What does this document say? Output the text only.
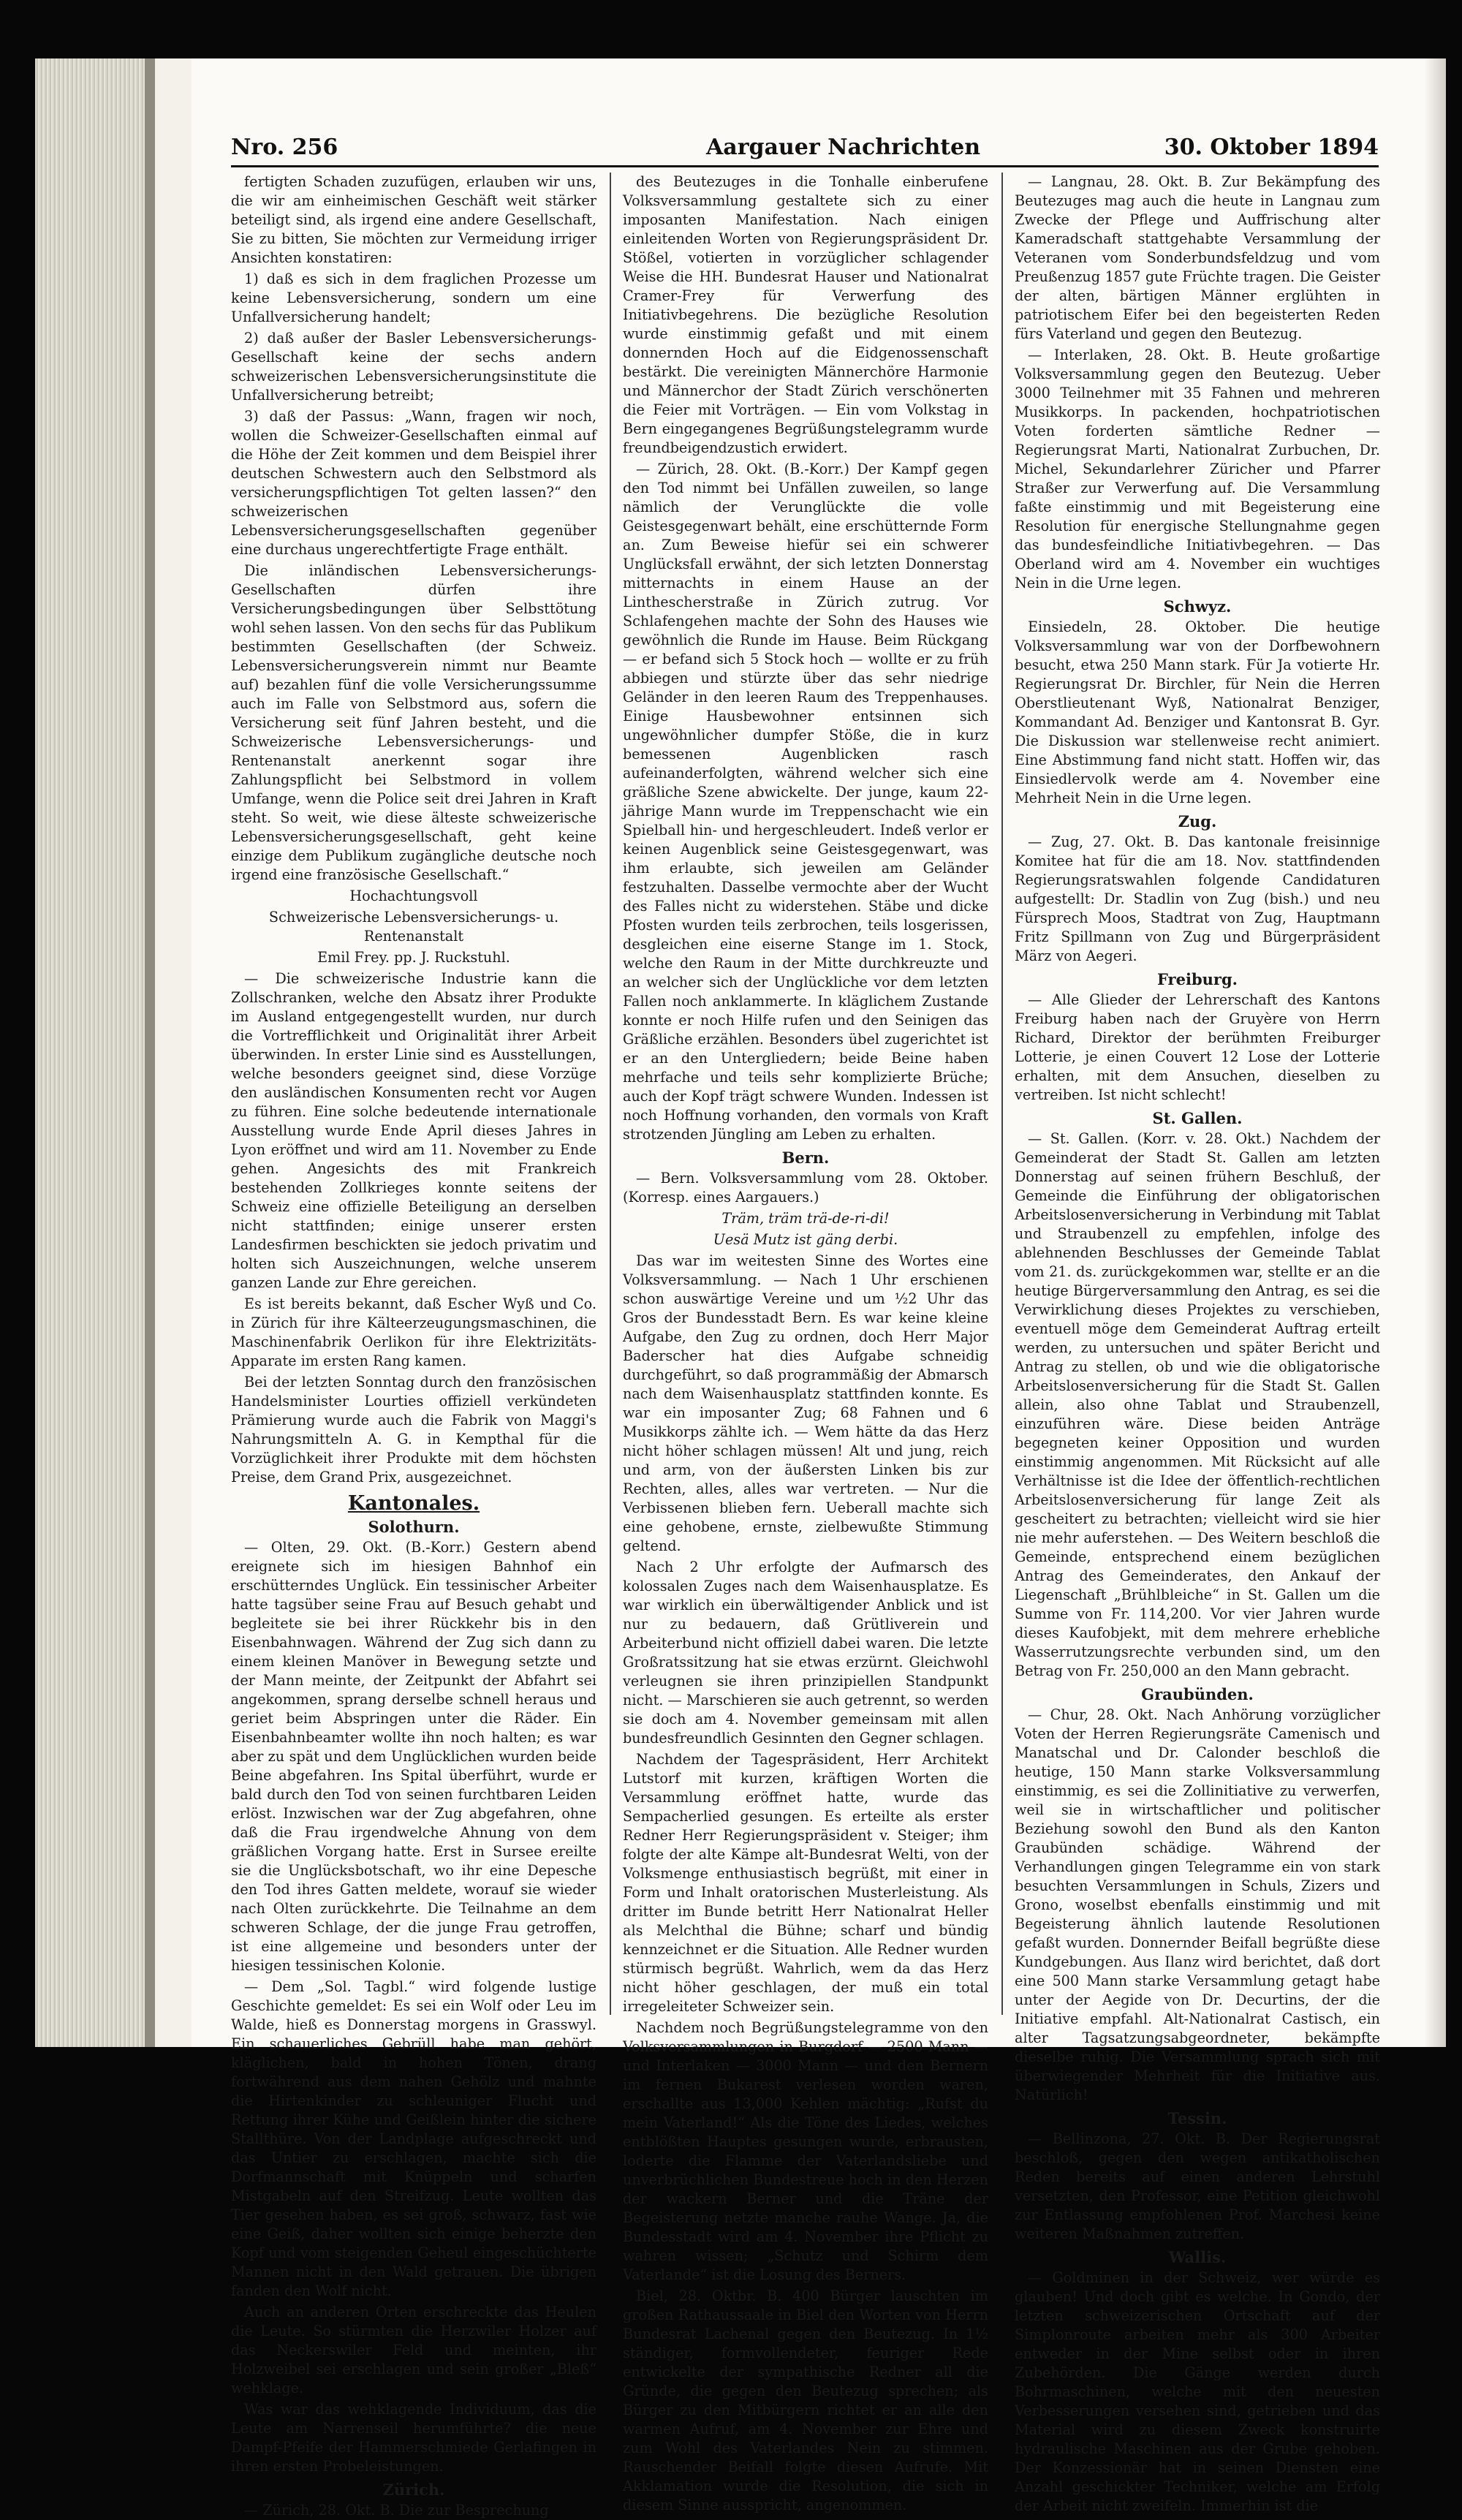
Nro. 256	Aargauer Nachrichten	30. Oktober 1894

fertigten Schaden zuzufügen, erlauben wir uns, die wir am einheimischen Geschäft weit stärker beteiligt sind, als irgend eine andere Gesellschaft, Sie zu bitten, Sie möchten zur Vermeidung irriger Ansichten konstatiren:

1) daß es sich in dem fraglichen Prozesse um keine Lebensversicherung, sondern um eine Unfallversicherung handelt;

2) daß außer der Basler Lebensversicherungs-Gesellschaft keine der sechs andern schweizerischen Lebensversicherungsinstitute die Unfallversicherung betreibt;

3) daß der Passus: „Wann, fragen wir noch, wollen die Schweizer-Gesellschaften einmal auf die Höhe der Zeit kommen und dem Beispiel ihrer deutschen Schwestern auch den Selbstmord als versicherungspflichtigen Tot gelten lassen?“ den schweizerischen Lebensversicherungsgesellschaften gegenüber eine durchaus ungerechtfertigte Frage enthält.

Die inländischen Lebensversicherungs-Gesellschaften dürfen ihre Versicherungsbedingungen über Selbsttötung wohl sehen lassen. Von den sechs für das Publikum bestimmten Gesellschaften (der Schweiz. Lebensversicherungsverein nimmt nur Beamte auf) bezahlen fünf die volle Versicherungssumme auch im Falle von Selbstmord aus, sofern die Versicherung seit fünf Jahren besteht, und die Schweizerische Lebensversicherungs- und Rentenanstalt anerkennt sogar ihre Zahlungspflicht bei Selbstmord in vollem Umfange, wenn die Police seit drei Jahren in Kraft steht. So weit, wie diese älteste schweizerische Lebensversicherungsgesellschaft, geht keine einzige dem Publikum zugängliche deutsche noch irgend eine französische Gesellschaft.“

Hochachtungsvoll

Schweizerische Lebensversicherungs- u. Rentenanstalt

Emil Frey. pp. J. Ruckstuhl.

— Die schweizerische Industrie kann die Zollschranken, welche den Absatz ihrer Produkte im Ausland entgegengestellt wurden, nur durch die Vortrefflichkeit und Originalität ihrer Arbeit überwinden. In erster Linie sind es Ausstellungen, welche besonders geeignet sind, diese Vorzüge den ausländischen Konsumenten recht vor Augen zu führen. Eine solche bedeutende internationale Ausstellung wurde Ende April dieses Jahres in Lyon eröffnet und wird am 11. November zu Ende gehen. Angesichts des mit Frankreich bestehenden Zollkrieges konnte seitens der Schweiz eine offizielle Beteiligung an derselben nicht stattfinden; einige unserer ersten Landesfirmen beschickten sie jedoch privatim und holten sich Auszeichnungen, welche unserem ganzen Lande zur Ehre gereichen.

Es ist bereits bekannt, daß Escher Wyß und Co. in Zürich für ihre Kälteerzeugungsmaschinen, die Maschinenfabrik Oerlikon für ihre Elektrizitäts-Apparate im ersten Rang kamen.

Bei der letzten Sonntag durch den französischen Handelsminister Lourties offiziell verkündeten Prämierung wurde auch die Fabrik von Maggi's Nahrungsmitteln A. G. in Kempthal für die Vorzüglichkeit ihrer Produkte mit dem höchsten Preise, dem Grand Prix, ausgezeichnet.

Kantonales.
Solothurn.

— Olten, 29. Okt. (B.-Korr.) Gestern abend ereignete sich im hiesigen Bahnhof ein erschütterndes Unglück. Ein tessinischer Arbeiter hatte tagsüber seine Frau auf Besuch gehabt und begleitete sie bei ihrer Rückkehr bis in den Eisenbahnwagen. Während der Zug sich dann zu einem kleinen Manöver in Bewegung setzte und der Mann meinte, der Zeitpunkt der Abfahrt sei angekommen, sprang derselbe schnell heraus und geriet beim Abspringen unter die Räder. Ein Eisenbahnbeamter wollte ihn noch halten; es war aber zu spät und dem Unglücklichen wurden beide Beine abgefahren. Ins Spital überführt, wurde er bald durch den Tod von seinen furchtbaren Leiden erlöst. Inzwischen war der Zug abgefahren, ohne daß die Frau irgendwelche Ahnung von dem gräßlichen Vorgang hatte. Erst in Sursee ereilte sie die Unglücksbotschaft, wo ihr eine Depesche den Tod ihres Gatten meldete, worauf sie wieder nach Olten zurückkehrte. Die Teilnahme an dem schweren Schlage, der die junge Frau getroffen, ist eine allgemeine und besonders unter der hiesigen tessinischen Kolonie.

— Dem „Sol. Tagbl.“ wird folgende lustige Geschichte gemeldet: Es sei ein Wolf oder Leu im Walde, hieß es Donnerstag morgens in Grasswyl. Ein schauerliches Gebrüll habe man gehört, kläglichen, bald in hohen Tönen, drang fortwährend aus dem nahen Gehölz und mahnte die Hirtenkinder zu schleuniger Flucht und Rettung ihrer Kühe und Geißlein hinter die sichere Stallthüre. Von der Landplage aufgeschreckt und das Untier zu erschlagen, machte sich die Dorfmannschaft mit Knüppeln und scharfen Mistgabeln auf den Streifzug. Leute wollten das Tier gesehen haben, es sei groß, schwarz, fast wie eine Geiß, daher wollten sich einige beherzte den Kopf und vom steigenden Geheul eingeschüchterte Mannen nicht in den Wald getrauen. Die übrigen fanden den Wolf nicht.

Auch an anderen Orten erschreckte das Heulen die Leute. So stürmten die Herzwiler Holzer auf das Neckerswiler Feld und meinten, ihr Holzweibel sei erschlagen und sein großer „Bleß“ wehklage.

Was war das wehklagende Individuum, das die Leute am Narrenseil herumführte? die neue Dampf-Pfeife der Hammerschmiede Gerlafingen in ihren ersten Probeleistungen.

Zürich.

— Zürich, 28. Okt. B. Die zur Besprechung

des Beutezuges in die Tonhalle einberufene Volksversammlung gestaltete sich zu einer imposanten Manifestation. Nach einigen einleitenden Worten von Regierungspräsident Dr. Stößel, votierten in vorzüglicher schlagender Weise die HH. Bundesrat Hauser und Nationalrat Cramer-Frey für Verwerfung des Initiativbegehrens. Die bezügliche Resolution wurde einstimmig gefaßt und mit einem donnernden Hoch auf die Eidgenossenschaft bestärkt. Die vereinigten Männerchöre Harmonie und Männerchor der Stadt Zürich verschönerten die Feier mit Vorträgen. — Ein vom Volkstag in Bern eingegangenes Begrüßungstelegramm wurde freundbeigendzustich erwidert.

— Zürich, 28. Okt. (B.-Korr.) Der Kampf gegen den Tod nimmt bei Unfällen zuweilen, so lange nämlich der Verunglückte die volle Geistesgegenwart behält, eine erschütternde Form an. Zum Beweise hiefür sei ein schwerer Unglücksfall erwähnt, der sich letzten Donnerstag mitternachts in einem Hause an der Linthescherstraße in Zürich zutrug. Vor Schlafengehen machte der Sohn des Hauses wie gewöhnlich die Runde im Hause. Beim Rückgang — er befand sich 5 Stock hoch — wollte er zu früh abbiegen und stürzte über das sehr niedrige Geländer in den leeren Raum des Treppenhauses. Einige Hausbewohner entsinnen sich ungewöhnlicher dumpfer Stöße, die in kurz bemessenen Augenblicken rasch aufeinanderfolgten, während welcher sich eine gräßliche Szene abwickelte. Der junge, kaum 22-jährige Mann wurde im Treppenschacht wie ein Spielball hin- und hergeschleudert. Indeß verlor er keinen Augenblick seine Geistesgegenwart, was ihm erlaubte, sich jeweilen am Geländer festzuhalten. Dasselbe vermochte aber der Wucht des Falles nicht zu widerstehen. Stäbe und dicke Pfosten wurden teils zerbrochen, teils losgerissen, desgleichen eine eiserne Stange im 1. Stock, welche den Raum in der Mitte durchkreuzte und an welcher sich der Unglückliche vor dem letzten Fallen noch anklammerte. In kläglichem Zustande konnte er noch Hilfe rufen und den Seinigen das Gräßliche erzählen. Besonders übel zugerichtet ist er an den Untergliedern; beide Beine haben mehrfache und teils sehr komplizierte Brüche; auch der Kopf trägt schwere Wunden. Indessen ist noch Hoffnung vorhanden, den vormals von Kraft strotzenden Jüngling am Leben zu erhalten.

Bern.

— Bern. Volksversammlung vom 28. Oktober. (Korresp. eines Aargauers.)

Träm, träm trä-de-ri-di!

Uesä Mutz ist gäng derbi.

Das war im weitesten Sinne des Wortes eine Volksversammlung. — Nach 1 Uhr erschienen schon auswärtige Vereine und um ½2 Uhr das Gros der Bundesstadt Bern. Es war keine kleine Aufgabe, den Zug zu ordnen, doch Herr Major Baderscher hat dies Aufgabe schneidig durchgeführt, so daß programmäßig der Abmarsch nach dem Waisenhausplatz stattfinden konnte. Es war ein imposanter Zug; 68 Fahnen und 6 Musikkorps zählte ich. — Wem hätte da das Herz nicht höher schlagen müssen! Alt und jung, reich und arm, von der äußersten Linken bis zur Rechten, alles, alles war vertreten. — Nur die Verbissenen blieben fern. Ueberall machte sich eine gehobene, ernste, zielbewußte Stimmung geltend.

Nach 2 Uhr erfolgte der Aufmarsch des kolossalen Zuges nach dem Waisenhausplatze. Es war wirklich ein überwältigender Anblick und ist nur zu bedauern, daß Grütliverein und Arbeiterbund nicht offiziell dabei waren. Die letzte Großratssitzung hat sie etwas erzürnt. Gleichwohl verleugnen sie ihren prinzipiellen Standpunkt nicht. — Marschieren sie auch getrennt, so werden sie doch am 4. November gemeinsam mit allen bundesfreundlich Gesinnten den Gegner schlagen.

Nachdem der Tagespräsident, Herr Architekt Lutstorf mit kurzen, kräftigen Worten die Versammlung eröffnet hatte, wurde das Sempacherlied gesungen. Es erteilte als erster Redner Herr Regierungspräsident v. Steiger; ihm folgte der alte Kämpe alt-Bundesrat Welti, von der Volksmenge enthusiastisch begrüßt, mit einer in Form und Inhalt oratorischen Musterleistung. Als dritter im Bunde betritt Herr Nationalrat Heller als Melchthal die Bühne; scharf und bündig kennzeichnet er die Situation. Alle Redner wurden stürmisch begrüßt. Wahrlich, wem da das Herz nicht höher geschlagen, der muß ein total irregeleiteter Schweizer sein.

Nachdem noch Begrüßungstelegramme von den Volksversammlungen in Burgdorf — 2500 Mann — und Interlaken — 3000 Mann — und den Bernern im fernen Bukarest verlesen worden waren, erschallte aus 13,000 Kehlen mächtig: „Rufst du mein Vaterland!“ Als die Töne des Liedes, welches entblößten Hauptes gesungen wurde, erbrausten, loderte die Flamme der Vaterlandsliebe und unverbrüchlichen Bundestreue hoch in den Herzen der wackern Berner und die Träne der Begeisterung netzte manche rauhe Wange. Ja, die Bundesstadt wird am 4. November ihre Pflicht zu wahren wissen; „Schutz und Schirm dem Vaterlande“ ist die Losung des Berners.

Biel, 28. Oktbr. B. 400 Bürger lauschten im großen Rathaussaale in Biel den Worten von Herrn Bundesrat Lachenal gegen den Beutezug. In 1½ ständiger, formvollendeter, feuriger Rede entwickelte der sympathische Redner all die Gründe, die gegen den Beutezug sprechen; als Bürger zu den Mitbürgern richtet er an alle den warmen Aufruf, am 4. November zur Ehre und zum Wohl des Vaterlandes Nein zu stimmen. Rauschender Beifall folgte diesen Aufrufe. Mit Akklamation wurde die Resolution, die sich in diesem Sinne ausspricht, angenommen.

— Langnau, 28. Okt. B. Zur Bekämpfung des Beutezuges mag auch die heute in Langnau zum Zwecke der Pflege und Auffrischung alter Kameradschaft stattgehabte Versammlung der Veteranen vom Sonderbundsfeldzug und vom Preußenzug 1857 gute Früchte tragen. Die Geister der alten, bärtigen Männer erglühten in patriotischem Eifer bei den begeisterten Reden fürs Vaterland und gegen den Beutezug.

— Interlaken, 28. Okt. B. Heute großartige Volksversammlung gegen den Beutezug. Ueber 3000 Teilnehmer mit 35 Fahnen und mehreren Musikkorps. In packenden, hochpatriotischen Voten forderten sämtliche Redner — Regierungsrat Marti, Nationalrat Zurbuchen, Dr. Michel, Sekundarlehrer Züricher und Pfarrer Straßer zur Verwerfung auf. Die Versammlung faßte einstimmig und mit Begeisterung eine Resolution für energische Stellungnahme gegen das bundesfeindliche Initiativbegehren. — Das Oberland wird am 4. November ein wuchtiges Nein in die Urne legen.

Schwyz.

Einsiedeln, 28. Oktober. Die heutige Volksversammlung war von der Dorfbewohnern besucht, etwa 250 Mann stark. Für Ja votierte Hr. Regierungsrat Dr. Birchler, für Nein die Herren Oberstlieutenant Wyß, Nationalrat Benziger, Kommandant Ad. Benziger und Kantonsrat B. Gyr. Die Diskussion war stellenweise recht animiert. Eine Abstimmung fand nicht statt. Hoffen wir, das Einsiedlervolk werde am 4. November eine Mehrheit Nein in die Urne legen.

Zug.

— Zug, 27. Okt. B. Das kantonale freisinnige Komitee hat für die am 18. Nov. stattfindenden Regierungsratswahlen folgende Candidaturen aufgestellt: Dr. Stadlin von Zug (bish.) und neu Fürsprech Moos, Stadtrat von Zug, Hauptmann Fritz Spillmann von Zug und Bürgerpräsident März von Aegeri.

Freiburg.

— Alle Glieder der Lehrerschaft des Kantons Freiburg haben nach der Gruyère von Herrn Richard, Direktor der berühmten Freiburger Lotterie, je einen Couvert 12 Lose der Lotterie erhalten, mit dem Ansuchen, dieselben zu vertreiben. Ist nicht schlecht!

St. Gallen.

— St. Gallen. (Korr. v. 28. Okt.) Nachdem der Gemeinderat der Stadt St. Gallen am letzten Donnerstag auf seinen frühern Beschluß, der Gemeinde die Einführung der obligatorischen Arbeitslosenversicherung in Verbindung mit Tablat und Straubenzell zu empfehlen, infolge des ablehnenden Beschlusses der Gemeinde Tablat vom 21. ds. zurückgekommen war, stellte er an die heutige Bürgerversammlung den Antrag, es sei die Verwirklichung dieses Projektes zu verschieben, eventuell möge dem Gemeinderat Auftrag erteilt werden, zu untersuchen und später Bericht und Antrag zu stellen, ob und wie die obligatorische Arbeitslosenversicherung für die Stadt St. Gallen allein, also ohne Tablat und Straubenzell, einzuführen wäre. Diese beiden Anträge begegneten keiner Opposition und wurden einstimmig angenommen. Mit Rücksicht auf alle Verhältnisse ist die Idee der öffentlich-rechtlichen Arbeitslosenversicherung für lange Zeit als gescheitert zu betrachten; vielleicht wird sie hier nie mehr auferstehen. — Des Weitern beschloß die Gemeinde, entsprechend einem bezüglichen Antrag des Gemeinderates, den Ankauf der Liegenschaft „Brühlbleiche“ in St. Gallen um die Summe von Fr. 114,200. Vor vier Jahren wurde dieses Kaufobjekt, mit dem mehrere erhebliche Wasserrutzungsrechte verbunden sind, um den Betrag von Fr. 250,000 an den Mann gebracht.

Graubünden.

— Chur, 28. Okt. Nach Anhörung vorzüglicher Voten der Herren Regierungsräte Camenisch und Manatschal und Dr. Calonder beschloß die heutige, 150 Mann starke Volksversammlung einstimmig, es sei die Zollinitiative zu verwerfen, weil sie in wirtschaftlicher und politischer Beziehung sowohl den Bund als den Kanton Graubünden schädige. Während der Verhandlungen gingen Telegramme ein von stark besuchten Versammlungen in Schuls, Zizers und Grono, woselbst ebenfalls einstimmig und mit Begeisterung ähnlich lautende Resolutionen gefaßt wurden. Donnernder Beifall begrüßte diese Kundgebungen. Aus Ilanz wird berichtet, daß dort eine 500 Mann starke Versammlung getagt habe unter der Aegide von Dr. Decurtins, der die Initiative empfahl. Alt-Nationalrat Castisch, ein alter Tagsatzungsabgeordneter, bekämpfte dieselbe ruhig. Die Versammlung sprach sich mit überwiegender Mehrheit für die Initiative aus. Natürlich!

Tessin.

— Bellinzona, 27. Okt. B. Der Regierungsrat beschloß, gegen den wegen antikatholischen Reden bereits auf einen anderen Lehrstuhl versetzten, den Professor, eine Petition gleichwohl zur Entlassung empfohlenen Prof. Marchesi keine weiteren Maßnahmen zutreffen.

Wallis.

— Goldminen in der Schweiz, wer würde es glauben! Und doch gibt es welche. In Gondo, der letzten schweizerischen Ortschaft auf der Simplonroute arbeiten mehr als 300 Arbeiter entweder in der Mine selbst oder in ihren Zubehörden. Die Gänge werden durch Bohrmaschinen, welche mit den neuesten Verbesserungen versehen sind, getrieben und das Material wird zu diesem Zweck konstruirte hydraulische Maschinen aus der Grube gehoben. Der Konzessionär hat in seinen Diensten eine Anzahl geschickter Techniker, welche am Erfolg der Arbeit nicht zweifeln. Immerhin ist die
